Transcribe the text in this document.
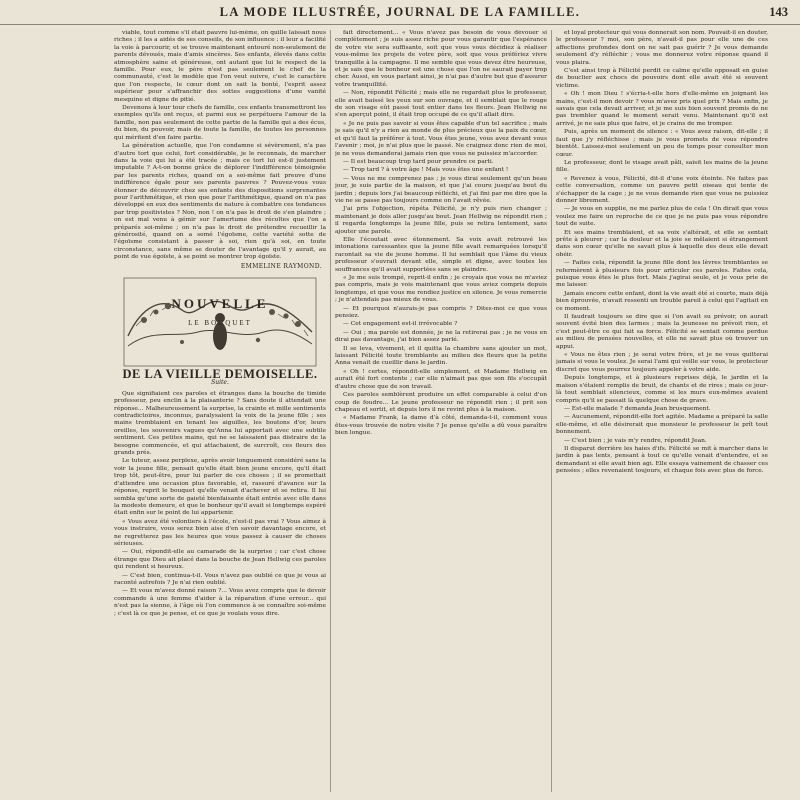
LA MODE ILLUSTRÉE, JOURNAL DE LA FAMILLE.	143

viable, tout comme s'il était pauvre lui-même, on quille laissait nous riches ; il les a aidés de ses conseils, de son influence ; il leur a facilité la voie à parcourir, et se trouve maintenant entouré non-seulement de parents dévoués, mais d'amis sincères. Ses enfants, élevés dans cette atmosphère saine et généreuse, ont autant que lui le respect de la famille. Pour eux, le père n'est pas seulement le chef de la communauté, c'est le modèle que l'on veut suivre, c'est le caractère que l'on respecte, le cœur dont on sait la bonté, l'esprit assez supérieur pour s'affranchir des sottes suggestions d'une vanité mesquine et digne de pitié.

Devenons à leur tour chefs de famille, ces enfants transmettront les exemples qu'ils ont reçus, et parmi eux se perpétuera l'amour de la famille, non pas seulement de cette partie de la famille qui a des écus, du bien, du pouvoir, mais de toute la famille, de toutes les personnes qui méritent d'en faire partie.

La génération actuelle, que l'on condamne si sévèrement, n'a pas d'autre tort que celui, fort considérable, je le reconnais, de marcher dans la voie qui lui a été tracée ; mais ce tort lui est-il justement imputable ? A-t-on bonne grâce de déplorer l'indifférence témoignée par les parents riches, quand on a soi-même fait preuve d'une indifférence égale pour ses parents pauvres ? Pouvez-vous vous étonner de découvrir chez ses enfants des dispositions surprenantes pour l'arithmétique, et rien que pour l'arithmétique, quand on n'a pas développé en eux des sentiments de nature à combattre ces tendances par trop positivistes ? Non, non ! on n'a pas le droit de s'en plaindre ; on est mal venu à gémir sur l'amertume des récoltes que l'on a préparés soi-même ; on n'a pas le droit de prétendre recueillir la générosité, quand on a semé l'égoïsme, cette variété sotte de l'égoïsme consistant à passer à soi, rien qu'à soi, en toute circonstance, sans même se douter de l'avantage qu'il y aurait, au point de vue égoïste, à se point se montrer trop égoïste.

EMMELINE RAYMOND.
NOUVELLE
LE BOUQUET
DE LA VIEILLE DEMOISELLE.
Suite.

Que signifiaient ces paroles et étranges dans la bouche de timide professeur, peu enclin à la plaisanterie ? Sans doute il attendait une réponse... Malheureusement la surprise, la crainte et mille sentiments contradictoires, inconnus, paralysaient la voix de la jeune fille ; ses mains tremblaient en tenant les aiguilles, les boutons d'or, leurs oreilles, les souvenirs vagues qu'Anna lui apportait avec une subtile sentiment. Ces petites mains, qui ne se laissaient pas distraire de la besogne commencée, et qui attachaient, de surcroît, ces fleurs des grands prés.

Le tuteur, assez perplexe, après avoir longuement considéré sans la voir la jeune fille, pensait qu'elle était bien jeune encore, qu'il était trop tôt, peut-être, pour lui parler de ces choses ; il se promettait d'attendre une occasion plus favorable, et, rassuré d'avance sur la réponse, reprit le bouquet qu'elle venait d'achever et se retira. Il lui sembla qu'une sorte de gaieté bienfaisante était entrée avec elle dans la modeste demeure, et que le bonheur qu'il avait si longtemps espéré était enfin sur le point de lui appartenir.

« Vous avez été volontiers à l'école, n'est-il pas vrai ? Vous aimez à vous instruire, vous serez bien aise d'en savoir davantage encore, et ne regretterez pas les heures que vous passez à causer de choses sérieuses.

— Oui, répondit-elle au camarade de la surprise ; car c'est chose étrange que Dieu ait placé dans la bouche de Jean Hellwig ces paroles qui rendent si heureux.

— C'est bien, continua-t-il. Vous n'avez pas oublié ce que je vous ai raconté autrefois ? Je n'ai rien oublié.

— Et vous m'avez donné raison ?... Vous avez compris que le devoir commande à une femme d'aider à la réparation d'une erreur... qui n'est pas la sienne, à l'âge où l'on commence à se connaître soi-même ; c'est là ce que je pense, et ce que je voulais vous dire.

fait directement... « Vous n'avez pas besoin de vous dévouer si complètement ; je suis assez riche pour vous garantir que l'espérance de votre vie sera suffisante, soit que vous vous décidiez à réaliser vous-même les projets de votre père, soit que vous préfériez vivre tranquille à la campagne. Il me semble que vous devez être heureuse, et je sais que le bonheur est une chose que l'on ne saurait payer trop cher. Aussi, en vous parlant ainsi, je n'ai pas d'autre but que d'assurer votre tranquillité.

— Non, répondit Félicité ; mais elle ne regardait plus le professeur, elle avait baissé les yeux sur son ouvrage, et il semblait que le rouge de son visage eût passé tout entier dans les fleurs. Jean Hellwig ne s'en aperçut point, il était trop occupé de ce qu'il allait dire.

« Je ne puis pas savoir si vous êtes capable d'un tel sacrifice ; mais je sais qu'il n'y a rien au monde de plus précieux que la paix du cœur, et qu'il faut la préférer à tout. Vous êtes jeune, vous avez devant vous l'avenir ; moi, je n'ai plus que le passé. Ne craignez donc rien de moi, je ne vous demanderai jamais rien que vous ne puissiez m'accorder.

— Il est beaucoup trop tard pour prendre ce parti.

— Trop tard ? à votre âge ! Mais vous êtes une enfant !

— Vous ne me comprenez pas ; je vous dirai seulement qu'un beau jour, je suis partie de la maison, et que j'ai couru jusqu'au bout du jardin ; depuis lors j'ai beaucoup réfléchi, et j'ai fini par me dire que la vie ne se passe pas toujours comme on l'avait rêvée.

J'ai pris l'objection, répéta Félicité, je n'y puis rien changer ; maintenant je dois aller jusqu'au bout. Jean Hellwig ne répondit rien ; il regarda longtemps la jeune fille, puis se retira lentement, sans ajouter une parole.

Elle l'écoutait avec étonnement. Sa voix avait retrouvé les intonations caressantes que la jeune fille avait remarquées lorsqu'il racontait sa vie de jeune homme. Il lui semblait que l'âme du vieux professeur s'ouvrait devant elle, simple et digne, avec toutes les souffrances qu'il avait supportées sans se plaindre.

« Je me suis trompé, reprit-il enfin ; je croyais que vous ne m'aviez pas compris, mais je vois maintenant que vous aviez compris depuis longtemps, et que vous me rendiez justice en silence. Je vous remercie ; je n'attendais pas mieux de vous.

— Et pourquoi n'aurais-je pas compris ? Dites-moi ce que vous pensiez.

— Cet engagement est-il irrévocable ?

— Oui ; ma parole est donnée, je ne la retirerai pas ; je ne vous en dirai pas davantage, j'ai bien assez parlé.

Il se leva, vivement, et il quitta la chambre sans ajouter un mot, laissant Félicité toute tremblante au milieu des fleurs que la petite Anna venait de cueillir dans le jardin.

« Oh ! certes, répondit-elle simplement, et Madame Hellwig en aurait été fort contente ; car elle n'aimait pas que son fils s'occupât d'autre chose que de son travail.

Ces paroles semblèrent produire un effet comparable à celui d'un coup de foudre... Le jeune professeur ne répondit rien ; il prit son chapeau et sortit, et depuis lors il ne revint plus à la maison.

« Madame Frank, la dame d'à côté, demanda-t-il, comment vous êtes-vous trouvée de notre visite ? Je pense qu'elle a dû vous paraître bien longue.

et loyal protecteur qui vous donnerait son nom. Pouvait-il en douter, le professeur ? moi, son père, n'avait-il pas pour elle une de ces affections profondes dont on ne sait pas guérir ? Je vous demande seulement d'y réfléchir ; vous me donnerez votre réponse quand il vous plaira.

C'est ainsi trop à Félicité perdit ce calme qu'elle opposait en guise de bouclier aux chocs de pouvoirs dont elle avait été si souvent victime.

« Oh ! mon Dieu ! s'écria-t-elle hors d'elle-même en joignant les mains, c'est-il mon devoir ? vous m'avez pris quel prix ? Mais enfin, je savais que cela devait arriver, et je me suis bien souvent promis de ne pas trembler quand le moment serait venu. Maintenant qu'il est arrivé, je ne sais plus que faire, et je crains de me tromper.

Puis, après un moment de silence : « Vous avez raison, dit-elle ; il faut que j'y réfléchisse ; mais je vous promets de vous répondre bientôt. Laissez-moi seulement un peu de temps pour consulter mon cœur.

Le professeur, dont le visage avait pâli, saisit les mains de la jeune fille.

« Revenez à vous, Félicité, dit-il d'une voix éteinte. Ne faites pas cette conversation, comme un pauvre petit oiseau qui tente de s'échapper de la cage ; je ne vous demande rien que vous ne puissiez donner librement.

— Je vous en supplie, ne me parlez plus de cela ! On dirait que vous voulez me faire un reproche de ce que je ne puis pas vous répondre tout de suite.

Et ses mains tremblaient, et sa voix s'altérait, et elle se sentait prête à pleurer ; car la douleur et la joie se mêlaient si étrangement dans son cœur qu'elle ne savait plus à laquelle des deux elle devait obéir.

— Faites cela, répondit la jeune fille dont les lèvres tremblantes se refermèrent à plusieurs fois pour articuler ces paroles. Faites cela, puisque vous êtes le plus fort. Mais j'agirai seule, et je vous prie de me laisser.

Jamais encore cette enfant, dont la vie avait été si courte, mais déjà bien éprouvée, n'avait ressenti un trouble pareil à celui qui l'agitait en ce moment.

Il faudrait toujours se dire que si l'on avait su prévoir, on aurait souvent évité bien des larmes ; mais la jeunesse ne prévoit rien, et c'est peut-être ce qui fait sa force. Félicité se sentait comme perdue au milieu de pensées nouvelles, et elle ne savait plus où trouver un appui.

« Vous ne êtes rien ; je serai votre frère, et je ne vous quitterai jamais si vous le voulez. Je serai l'ami qui veille sur vous, le protecteur discret que vous pourrez toujours appeler à votre aide.

Depuis longtemps, et à plusieurs reprises déjà, le jardin et la maison s'étaient remplis de bruit, de chants et de rires ; mais ce jour-là tout semblait silencieux, comme si les murs eux-mêmes avaient compris qu'il se passait là quelque chose de grave.

— Est-elle malade ? demanda Jean brusquement.

— Aucunement, répondit-elle fort agitée. Madame a préparé la salle elle-même, et elle désirerait que monsieur le professeur le prît tout bonnement.

— C'est bien ; je vais m'y rendre, répondit Jean.

Il disparut derrière les haies d'ifs. Félicité se mit à marcher dans le jardin à pas lents, pensant à tout ce qu'elle venait d'entendre, et se demandant si elle avait bien agi. Elle essaya vainement de chasser ces pensées ; elles revenaient toujours, et chaque fois avec plus de force.
